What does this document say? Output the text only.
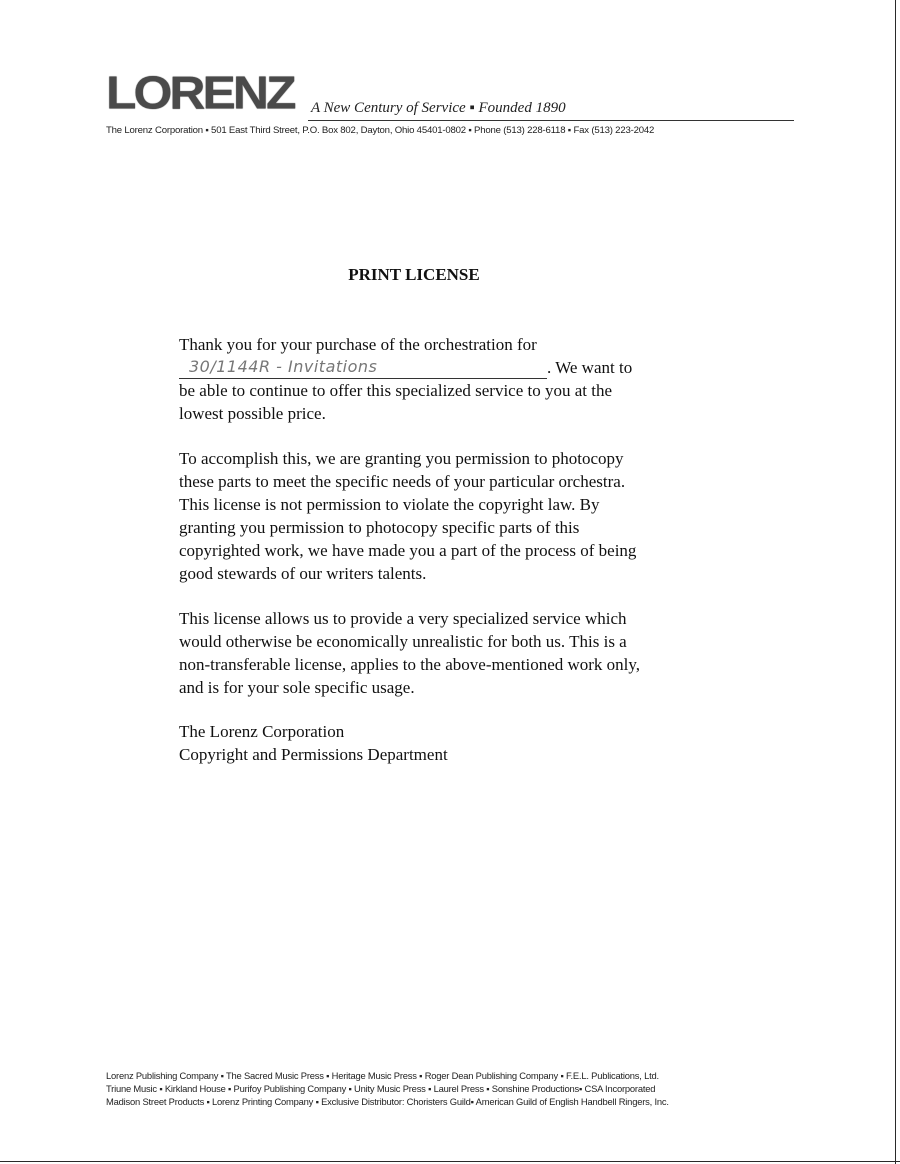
LORENZ A New Century of Service ▪ Founded 1890
The Lorenz Corporation ▪ 501 East Third Street, P.O. Box 802, Dayton, Ohio 45401-0802 ▪ Phone (513) 228-6118 ▪ Fax (513) 223-2042
PRINT LICENSE
Thank you for your purchase of the orchestration for
30/1144R - Invitations	. We want to
be able to continue to offer this specialized service to you at the
lowest possible price.
To accomplish this, we are granting you permission to photocopy
these parts to meet the specific needs of your particular orchestra.
This license is not permission to violate the copyright law. By
granting you permission to photocopy specific parts of this
copyrighted work, we have made you a part of the process of being
good stewards of our writers talents.
This license allows us to provide a very specialized service which
would otherwise be economically unrealistic for both us. This is a
non-transferable license, applies to the above-mentioned work only,
and is for your sole specific usage.
The Lorenz Corporation
Copyright and Permissions Department
Lorenz Publishing Company ▪ The Sacred Music Press ▪ Heritage Music Press ▪ Roger Dean Publishing Company ▪ F.E.L. Publications, Ltd.
Triune Music ▪ Kirkland House ▪ Purifoy Publishing Company ▪ Unity Music Press ▪ Laurel Press ▪ Sonshine Productions▪ CSA Incorporated
Madison Street Products ▪ Lorenz Printing Company ▪ Exclusive Distributor: Choristers Guild▪ American Guild of English Handbell Ringers, Inc.
